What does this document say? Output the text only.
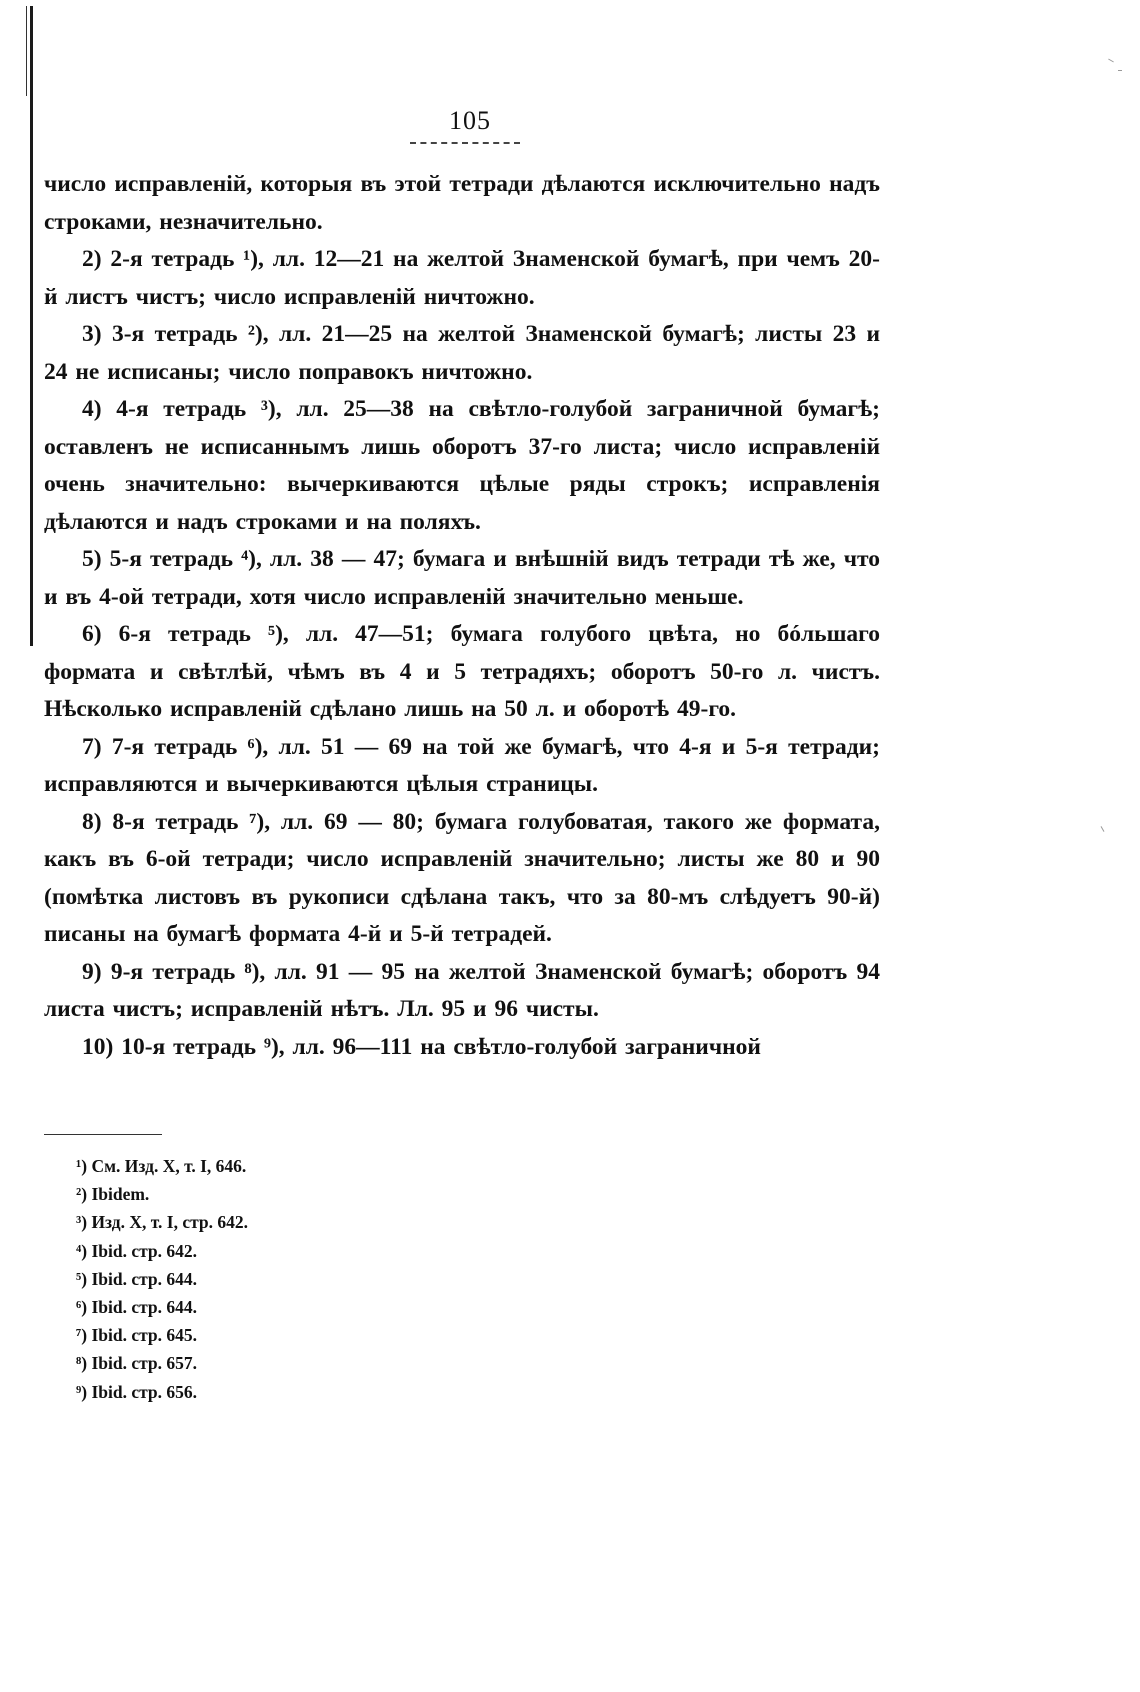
105

число исправленій, которыя въ этой тетради дѣлаются исключительно надъ строками, незначительно.

2) 2-я тетрадь ¹), лл. 12—21 на желтой Знаменской бумагѣ, при чемъ 20-й листъ чистъ; число исправленій ничтожно.

3) 3-я тетрадь ²), лл. 21—25 на желтой Знаменской бумагѣ; листы 23 и 24 не исписаны; число поправокъ ничтожно.

4) 4-я тетрадь ³), лл. 25—38 на свѣтло-голубой заграничной бумагѣ; оставленъ не исписаннымъ лишь оборотъ 37-го листа; число исправленій очень значительно: вычеркиваются цѣлые ряды строкъ; исправленія дѣлаются и надъ строками и на поляхъ.

5) 5-я тетрадь ⁴), лл. 38 — 47; бумага и внѣшній видъ тетради тѣ же, что и въ 4-ой тетради, хотя число исправленій значительно меньше.

6) 6-я тетрадь ⁵), лл. 47—51; бумага голубого цвѣта, но бóльшаго формата и свѣтлѣй, чѣмъ въ 4 и 5 тетрадяхъ; оборотъ 50-го л. чистъ. Нѣсколько исправленій сдѣлано лишь на 50 л. и оборотѣ 49-го.

7) 7-я тетрадь ⁶), лл. 51 — 69 на той же бумагѣ, что 4-я и 5-я тетради; исправляются и вычеркиваются цѣлыя страницы.

8) 8-я тетрадь ⁷), лл. 69 — 80; бумага голубоватая, такого же формата, какъ въ 6-ой тетради; число исправленій значительно; листы же 80 и 90 (помѣтка листовъ въ рукописи сдѣлана такъ, что за 80-мъ слѣдуетъ 90-й) писаны на бумагѣ формата 4-й и 5-й тетрадей.

9) 9-я тетрадь ⁸), лл. 91 — 95 на желтой Знаменской бумагѣ; оборотъ 94 листа чистъ; исправленій нѣтъ. Лл. 95 и 96 чисты.

10) 10-я тетрадь ⁹), лл. 96—111 на свѣтло-голубой заграничной

¹) См. Изд. X, т. I, 646.

²) Ibidem.

³) Изд. X, т. I, стр. 642.

⁴) Ibid. стр. 642.

⁵) Ibid. стр. 644.

⁶) Ibid. стр. 644.

⁷) Ibid. стр. 645.

⁸) Ibid. стр. 657.

⁹) Ibid. стр. 656.
